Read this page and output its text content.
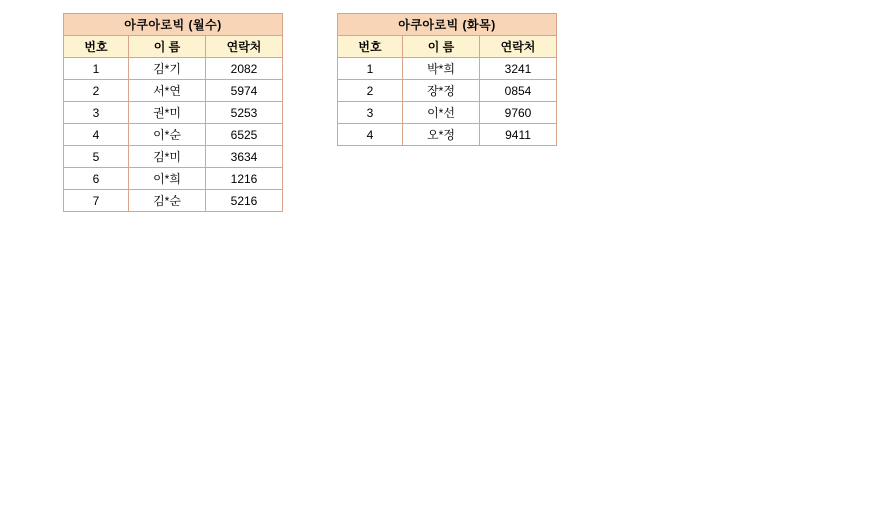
아쿠아로빅 (월수)		
번호	이 름	연락처
1	김*기	2082
2	서*연	5974
3	권*미	5253
4	이*순	6525
5	김*미	3634
6	이*희	1216
7	김*순	5216
아쿠아로빅 (화목)		
번호	이 름	연락처
1	박*희	3241
2	장*정	0854
3	이*선	9760
4	오*정	9411
